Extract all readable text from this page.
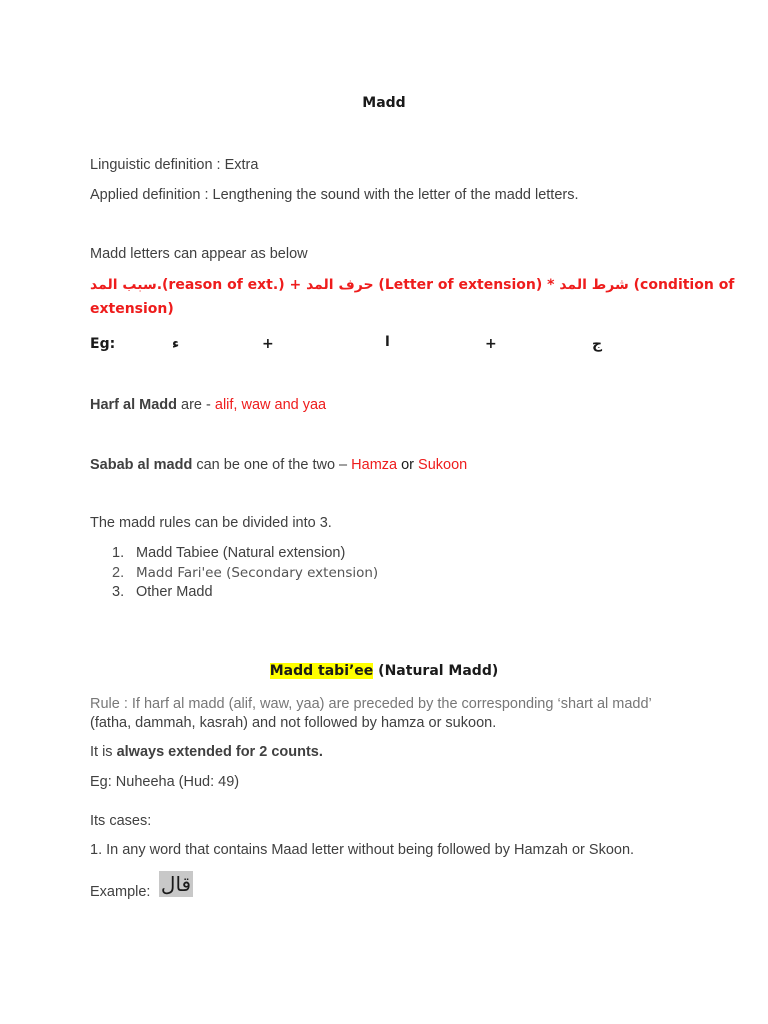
Madd
Linguistic definition : Extra
Applied definition : Lengthening the sound with the letter of the madd letters.
Madd letters can appear as below
سبب المد.(reason of ext.) + حرف المد (Letter of extension) * شرط المد (condition of
extension)
Eg:	ء	+	ا	+	ج
Harf al Madd are - alif, waw and yaa
Sabab al madd can be one of the two – Hamza or Sukoon
The madd rules can be divided into 3.
1. Madd Tabiee (Natural extension)
2. Madd Fari'ee (Secondary extension)
3. Other Madd
Madd tabi’ee (Natural Madd)
Rule : If harf al madd (alif, waw, yaa) are preceded by the corresponding ‘shart al madd’
(fatha, dammah, kasrah) and not followed by hamza or sukoon.
It is always extended for 2 counts.
Eg: Nuheeha (Hud: 49)
Its cases:
1. In any word that contains Maad letter without being followed by Hamzah or Skoon.
Example: قال
